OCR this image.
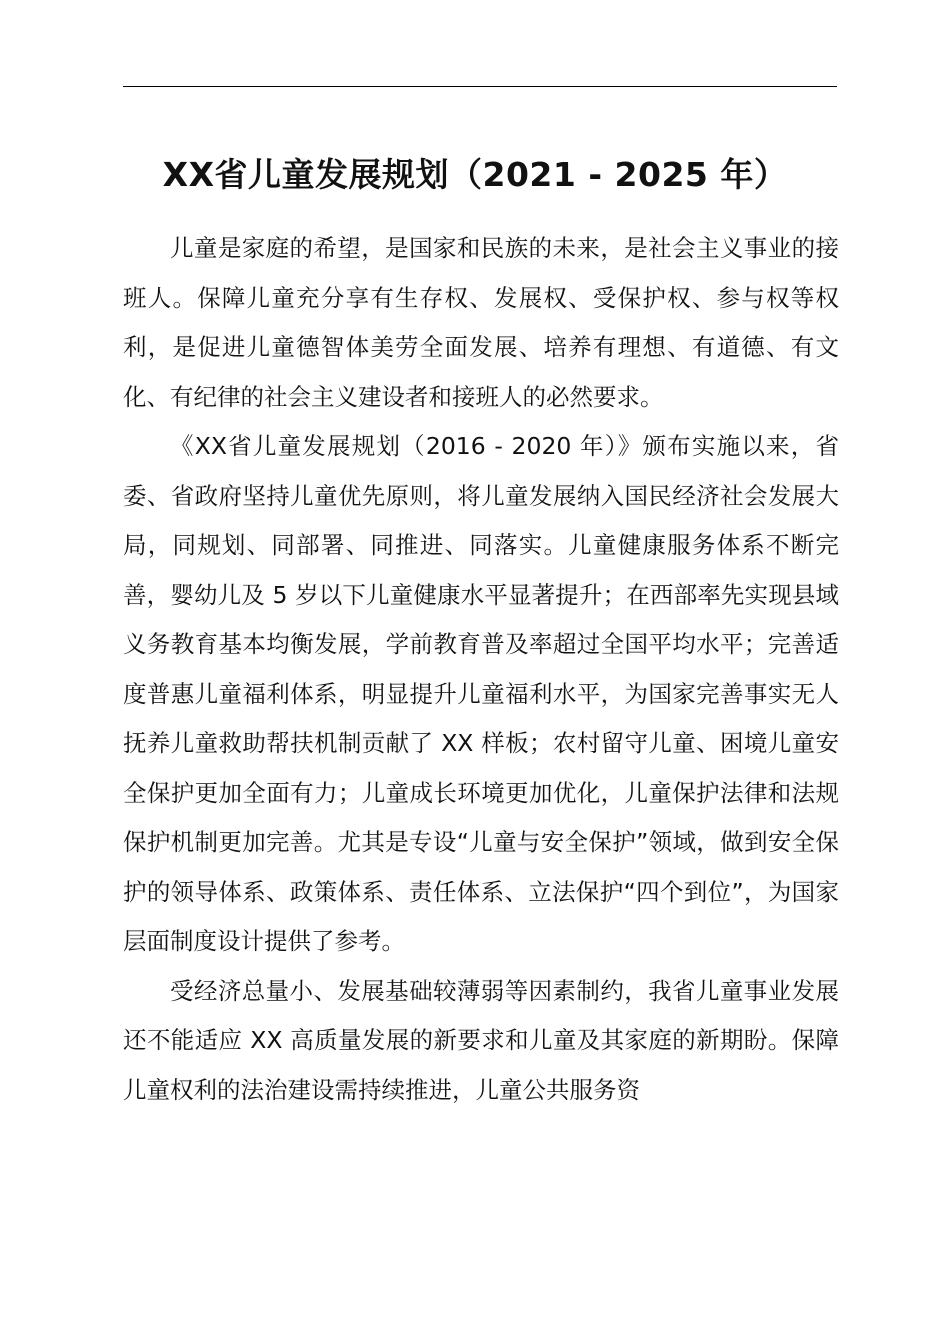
XX省儿童发展规划（2021 - 2025 年）

儿童是家庭的希望，是国家和民族的未来，是社会主义事业的接班人。保障儿童充分享有生存权、发展权、受保护权、参与权等权利，是促进儿童德智体美劳全面发展、培养有理想、有道德、有文化、有纪律的社会主义建设者和接班人的必然要求。

《XX省儿童发展规划（2016 - 2020 年）》颁布实施以来，省委、省政府坚持儿童优先原则，将儿童发展纳入国民经济社会发展大局，同规划、同部署、同推进、同落实。儿童健康服务体系不断完善，婴幼儿及 5 岁以下儿童健康水平显著提升；在西部率先实现县域义务教育基本均衡发展，学前教育普及率超过全国平均水平；完善适度普惠儿童福利体系，明显提升儿童福利水平，为国家完善事实无人抚养儿童救助帮扶机制贡献了 XX 样板；农村留守儿童、困境儿童安全保护更加全面有力；儿童成长环境更加优化，儿童保护法律和法规保护机制更加完善。尤其是专设“儿童与安全保护”领域，做到安全保护的领导体系、政策体系、责任体系、立法保护“四个到位”，为国家层面制度设计提供了参考。

受经济总量小、发展基础较薄弱等因素制约，我省儿童事业发展还不能适应 XX 高质量发展的新要求和儿童及其家庭的新期盼。保障儿童权利的法治建设需持续推进，儿童公共服务资
